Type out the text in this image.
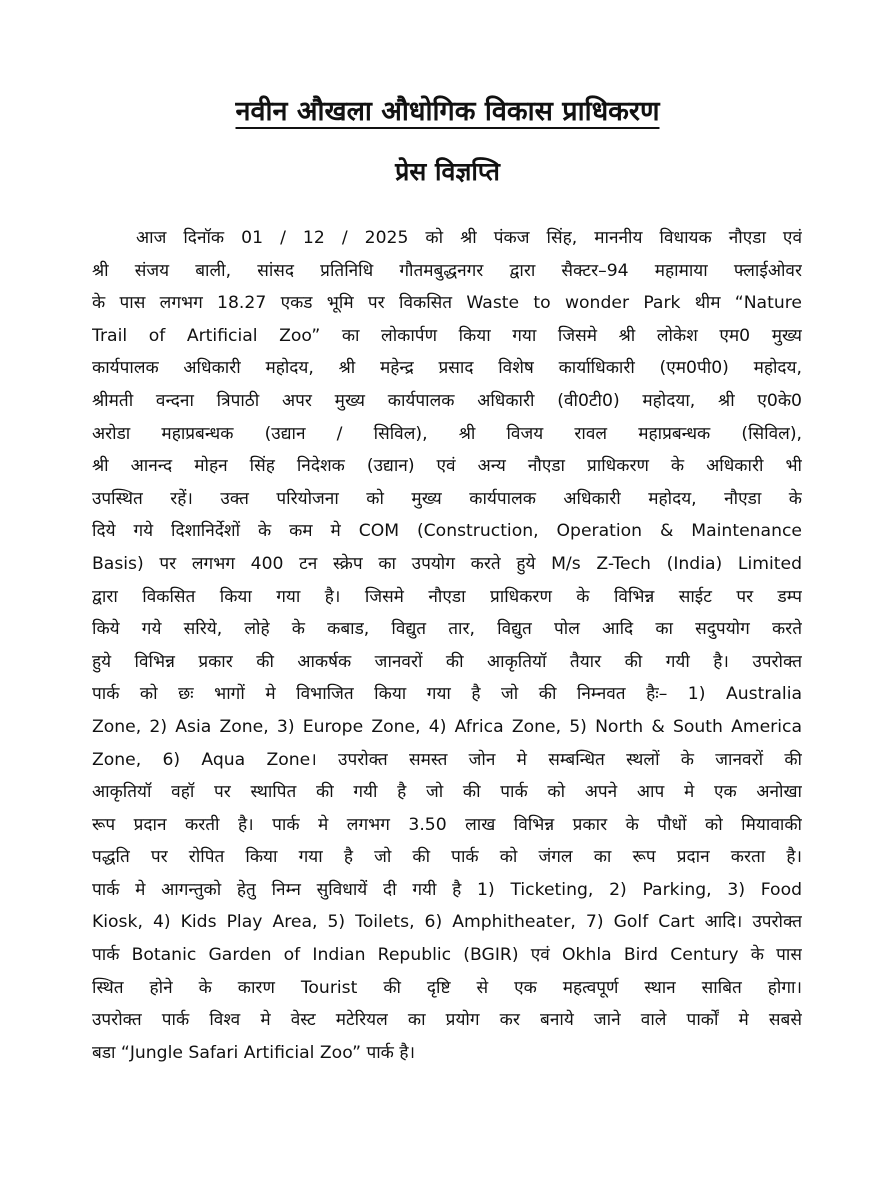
नवीन औखला औधोगिक विकास प्राधिकरण
प्रेस विज्ञप्ति
आज दिनॉक 01 / 12 / 2025 को श्री पंकज सिंह, माननीय विधायक नौएडा एवं
श्री संजय बाली, सांसद प्रतिनिधि गौतमबुद्धनगर द्वारा सैक्टर–94 महामाया फ्लाईओवर
के पास लगभग 18.27 एकड भूमि पर विकसित Waste to wonder Park थीम “Nature
Trail of Artificial Zoo” का लोकार्पण किया गया जिसमे श्री लोकेश एम0 मुख्य
कार्यपालक अधिकारी महोदय, श्री महेन्द्र प्रसाद विशेष कार्याधिकारी (एम0पी0) महोदय,
श्रीमती वन्दना त्रिपाठी अपर मुख्य कार्यपालक अधिकारी (वी0टी0) महोदया, श्री ए0के0
अरोडा महाप्रबन्धक (उद्यान / सिविल), श्री विजय रावल महाप्रबन्धक (सिविल),
श्री आनन्द मोहन सिंह निदेशक (उद्यान) एवं अन्य नौएडा प्राधिकरण के अधिकारी भी
उपस्थित रहें। उक्त परियोजना को मुख्य कार्यपालक अधिकारी महोदय, नौएडा के
दिये गये दिशानिर्देशों के कम मे COM (Construction, Operation & Maintenance
Basis) पर लगभग 400 टन स्क्रेप का उपयोग करते हुये M/s Z-Tech (India) Limited
द्वारा विकसित किया गया है। जिसमे नौएडा प्राधिकरण के विभिन्न साईट पर डम्प
किये गये सरिये, लोहे के कबाड, विद्युत तार, विद्युत पोल आदि का सदुपयोग करते
हुये विभिन्न प्रकार की आकर्षक जानवरों की आकृतियॉ तैयार की गयी है। उपरोक्त
पार्क को छः भागों मे विभाजित किया गया है जो की निम्नवत हैः– 1) Australia
Zone, 2) Asia Zone, 3) Europe Zone, 4) Africa Zone, 5) North & South America
Zone, 6) Aqua Zone। उपरोक्त समस्त जोन मे सम्बन्धित स्थलों के जानवरों की
आकृतियॉ वहॉ पर स्थापित की गयी है जो की पार्क को अपने आप मे एक अनोखा
रूप प्रदान करती है। पार्क मे लगभग 3.50 लाख विभिन्न प्रकार के पौधों को मियावाकी
पद्धति पर रोपित किया गया है जो की पार्क को जंगल का रूप प्रदान करता है।
पार्क मे आगन्तुको हेतु निम्न सुविधायें दी गयी है 1) Ticketing, 2) Parking, 3) Food
Kiosk, 4) Kids Play Area, 5) Toilets, 6) Amphitheater, 7) Golf Cart आदि। उपरोक्त
पार्क Botanic Garden of Indian Republic (BGIR) एवं Okhla Bird Century के पास
स्थित होने के कारण Tourist की दृष्टि से एक महत्वपूर्ण स्थान साबित होगा।
उपरोक्त पार्क विश्व मे वेस्ट मटेरियल का प्रयोग कर बनाये जाने वाले पार्कों मे सबसे
बडा “Jungle Safari Artificial Zoo” पार्क है।
